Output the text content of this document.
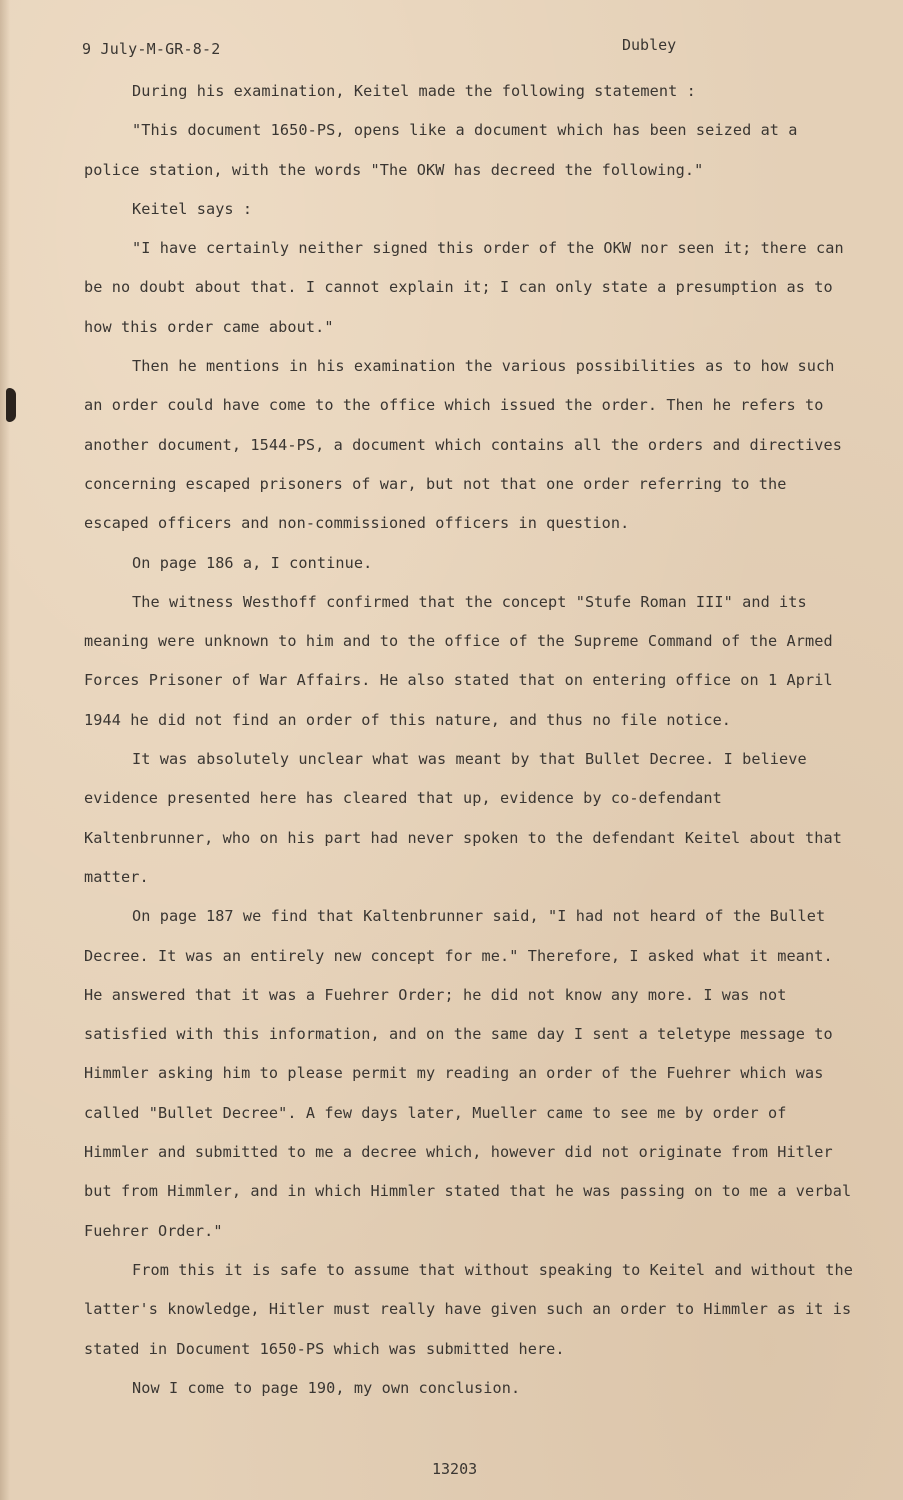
9 July-M-GR-8-2	Dubley

During his examination, Keitel made the following statement :

"This document 1650-PS, opens like a document which has been seized at a police station, with the words "The OKW has decreed the following."

Keitel says :

"I have certainly neither signed this order of the OKW nor seen it; there can be no doubt about that. I cannot explain it; I can only state a presumption as to how this order came about."

Then he mentions in his examination the various possibilities as to how such an order could have come to the office which issued the order. Then he refers to another document, 1544-PS, a document which contains all the orders and directives concerning escaped prisoners of war, but not that one order referring to the escaped officers and non-commissioned officers in question.

On page 186 a, I continue.

The witness Westhoff confirmed that the concept "Stufe Roman III" and its meaning were unknown to him and to the office of the Supreme Command of the Armed Forces Prisoner of War Affairs. He also stated that on entering office on 1 April 1944 he did not find an order of this nature, and thus no file notice.

It was absolutely unclear what was meant by that Bullet Decree. I believe evidence presented here has cleared that up, evidence by co-defendant Kaltenbrunner, who on his part had never spoken to the defendant Keitel about that matter.

On page 187 we find that Kaltenbrunner said, "I had not heard of the Bullet Decree. It was an entirely new concept for me." Therefore, I asked what it meant. He answered that it was a Fuehrer Order; he did not know any more. I was not satisfied with this information, and on the same day I sent a teletype message to Himmler asking him to please permit my reading an order of the Fuehrer which was called "Bullet Decree". A few days later, Mueller came to see me by order of Himmler and submitted to me a decree which, however did not originate from Hitler but from Himmler, and in which Himmler stated that he was passing on to me a verbal Fuehrer Order."

From this it is safe to assume that without speaking to Keitel and without the latter's knowledge, Hitler must really have given such an order to Himmler as it is stated in Document 1650-PS which was submitted here.

Now I come to page 190, my own conclusion.

13203
